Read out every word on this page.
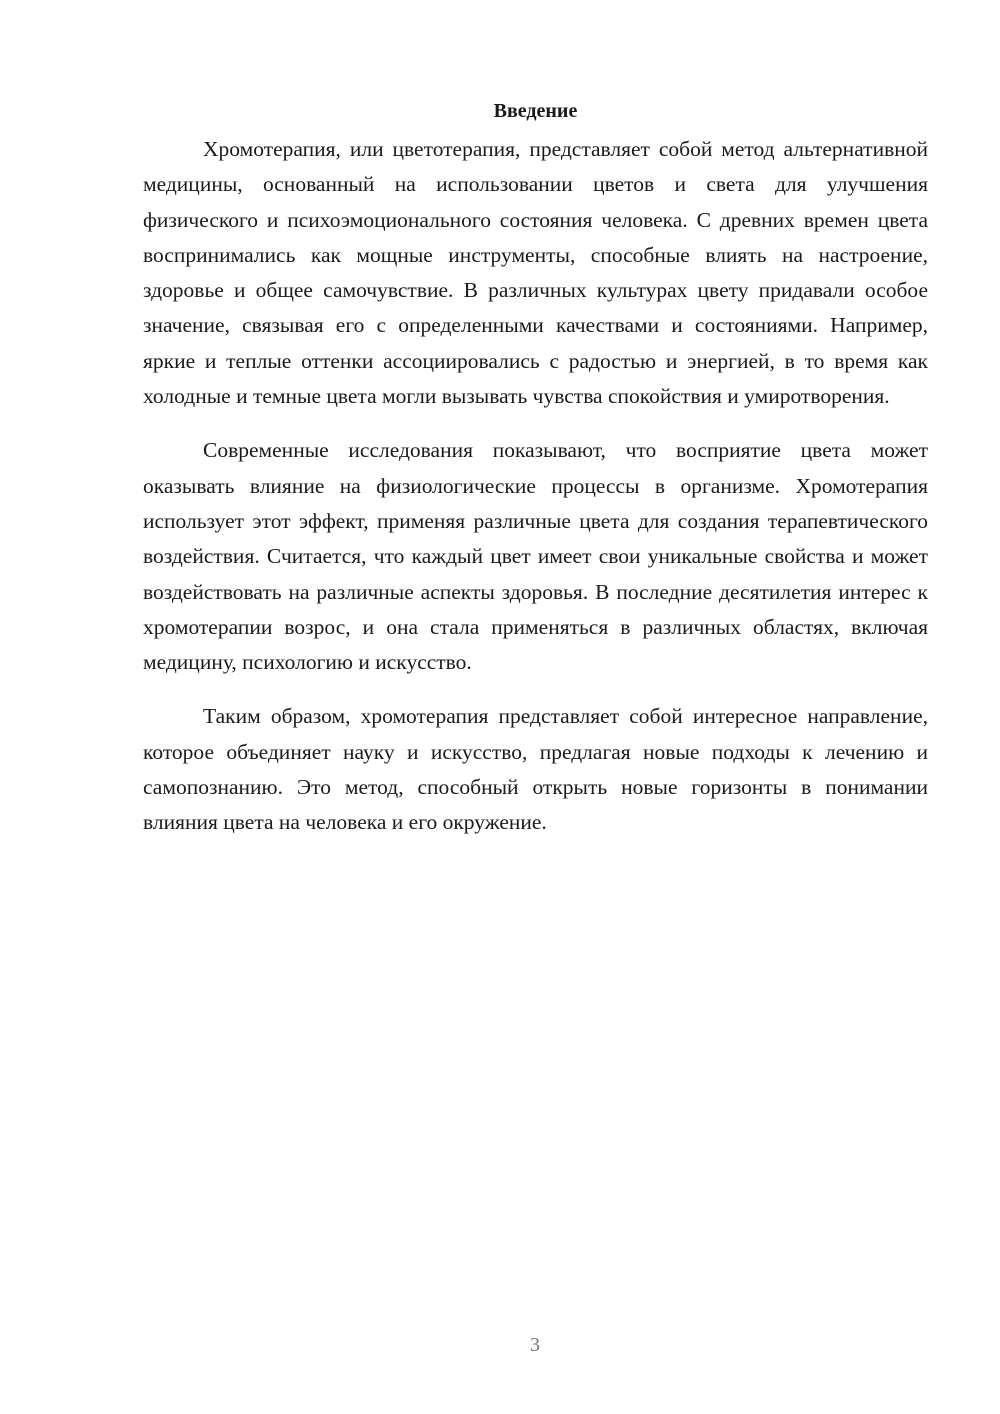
Введение

Хромотерапия, или цветотерапия, представляет собой метод альтернативной медицины, основанный на использовании цветов и света для улучшения физического и психоэмоционального состояния человека. С древних времен цвета воспринимались как мощные инструменты, способные влиять на настроение, здоровье и общее самочувствие. В различных культурах цвету придавали особое значение, связывая его с определенными качествами и состояниями. Например, яркие и теплые оттенки ассоциировались с радостью и энергией, в то время как холодные и темные цвета могли вызывать чувства спокойствия и умиротворения.

Современные исследования показывают, что восприятие цвета может оказывать влияние на физиологические процессы в организме. Хромотерапия использует этот эффект, применяя различные цвета для создания терапевтического воздействия. Считается, что каждый цвет имеет свои уникальные свойства и может воздействовать на различные аспекты здоровья. В последние десятилетия интерес к хромотерапии возрос, и она стала применяться в различных областях, включая медицину, психологию и искусство.

Таким образом, хромотерапия представляет собой интересное направление, которое объединяет науку и искусство, предлагая новые подходы к лечению и самопознанию. Это метод, способный открыть новые горизонты в понимании влияния цвета на человека и его окружение.

3
